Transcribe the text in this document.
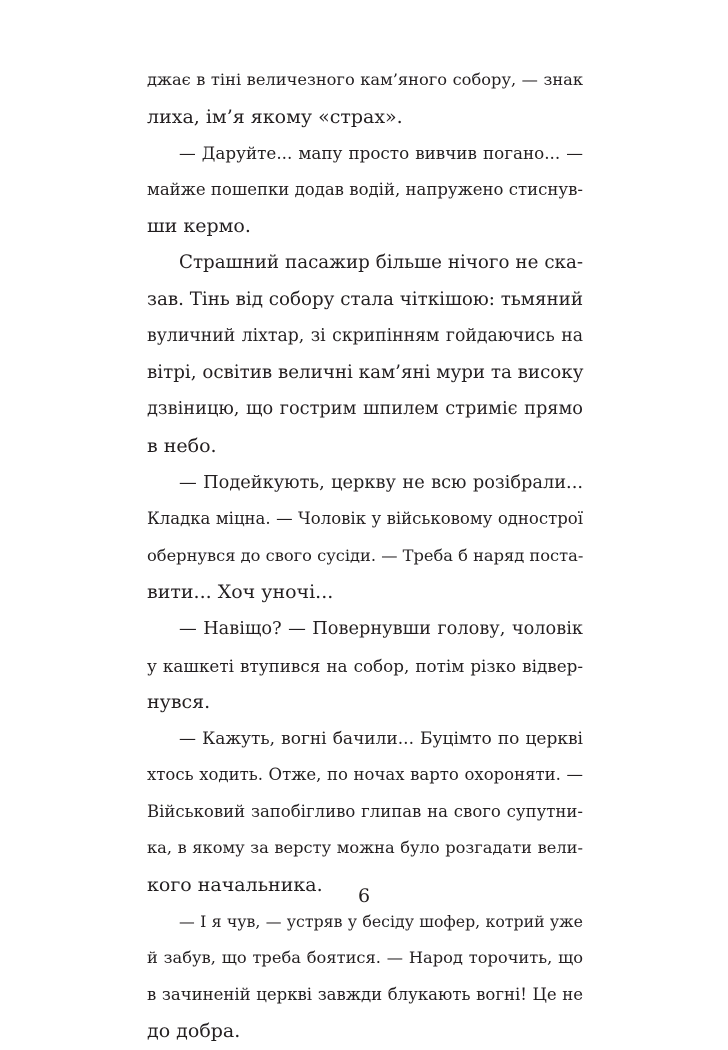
джає в тіні величезного кам’яного собору, — знак
лиха, ім’я якому «страх».
— Даруйте... мапу просто вивчив погано... —
майже пошепки додав водій, напружено стиснув-
ши кермо.
Страшний пасажир більше нічого не ска-
зав. Тінь від собору стала чіткішою: тьмяний
вуличний ліхтар, зі скрипінням гойдаючись на
вітрі, освітив величні кам’яні мури та високу
дзвіницю, що гострим шпилем стриміє прямо
в небо.
— Подейкують, церкву не всю розібрали...
Кладка міцна. — Чоловік у військовому однострої
обернувся до свого сусіди. — Треба б наряд поста-
вити... Хоч уночі...
— Навіщо? — Повернувши голову, чоловік
у кашкеті втупився на собор, потім різко відвер-
нувся.
— Кажуть, вогні бачили... Буцімто по церкві
хтось ходить. Отже, по ночах варто охороняти. —
Військовий запобігливо глипав на свого супутни-
ка, в якому за версту можна було розгадати вели-
кого начальника.
— І я чув, — устряв у бесіду шофер, котрий уже
й забув, що треба боятися. — Народ торочить, що
в зачиненій церкві завжди блукають вогні! Це не
до добра.
6
